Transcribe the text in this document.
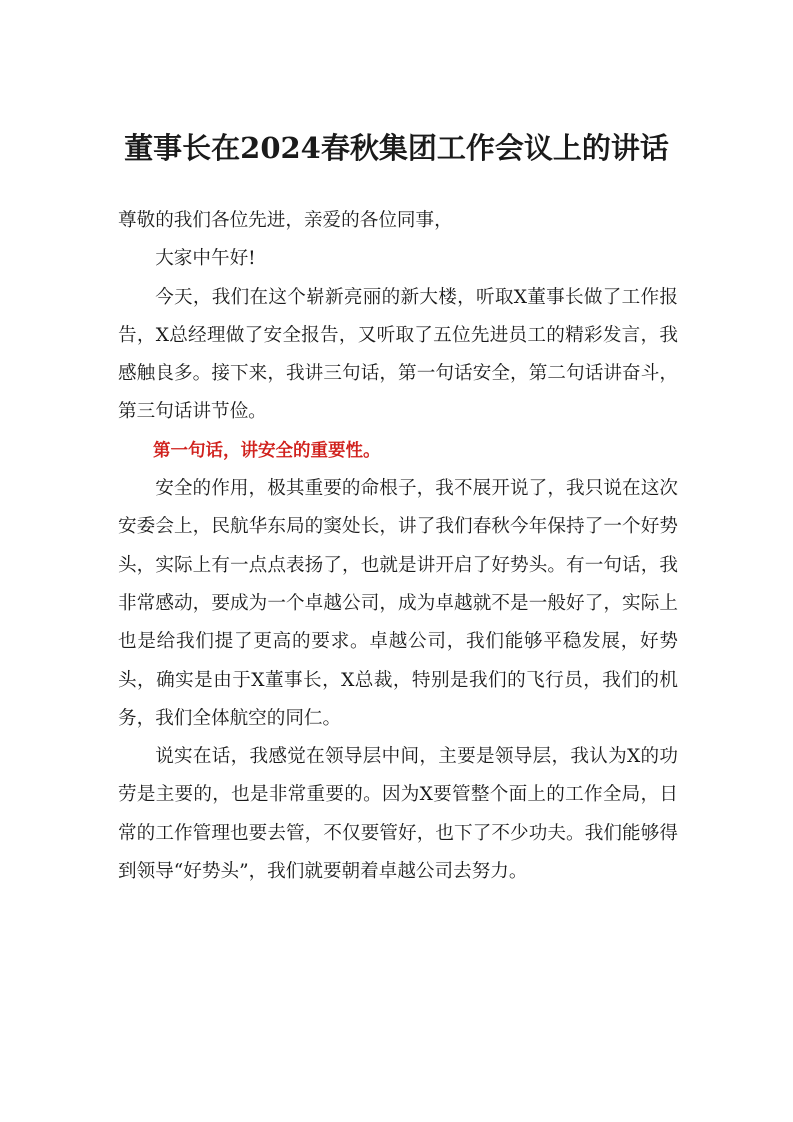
董事长在2024春秋集团工作会议上的讲话

尊敬的我们各位先进，亲爱的各位同事，

大家中午好!

今天，我们在这个崭新亮丽的新大楼，听取X董事长做了工作报告，X总经理做了安全报告，又听取了五位先进员工的精彩发言，我感触良多。接下来，我讲三句话，第一句话安全，第二句话讲奋斗，第三句话讲节俭。

第一句话，讲安全的重要性。

安全的作用，极其重要的命根子，我不展开说了，我只说在这次安委会上，民航华东局的窦处长，讲了我们春秋今年保持了一个好势头，实际上有一点点表扬了，也就是讲开启了好势头。有一句话，我非常感动，要成为一个卓越公司，成为卓越就不是一般好了，实际上也是给我们提了更高的要求。卓越公司，我们能够平稳发展，好势头，确实是由于X董事长，X总裁，特别是我们的飞行员，我们的机务，我们全体航空的同仁。

说实在话，我感觉在领导层中间，主要是领导层，我认为X的功劳是主要的，也是非常重要的。因为X要管整个面上的工作全局，日常的工作管理也要去管，不仅要管好，也下了不少功夫。我们能够得到领导“好势头”，我们就要朝着卓越公司去努力。
